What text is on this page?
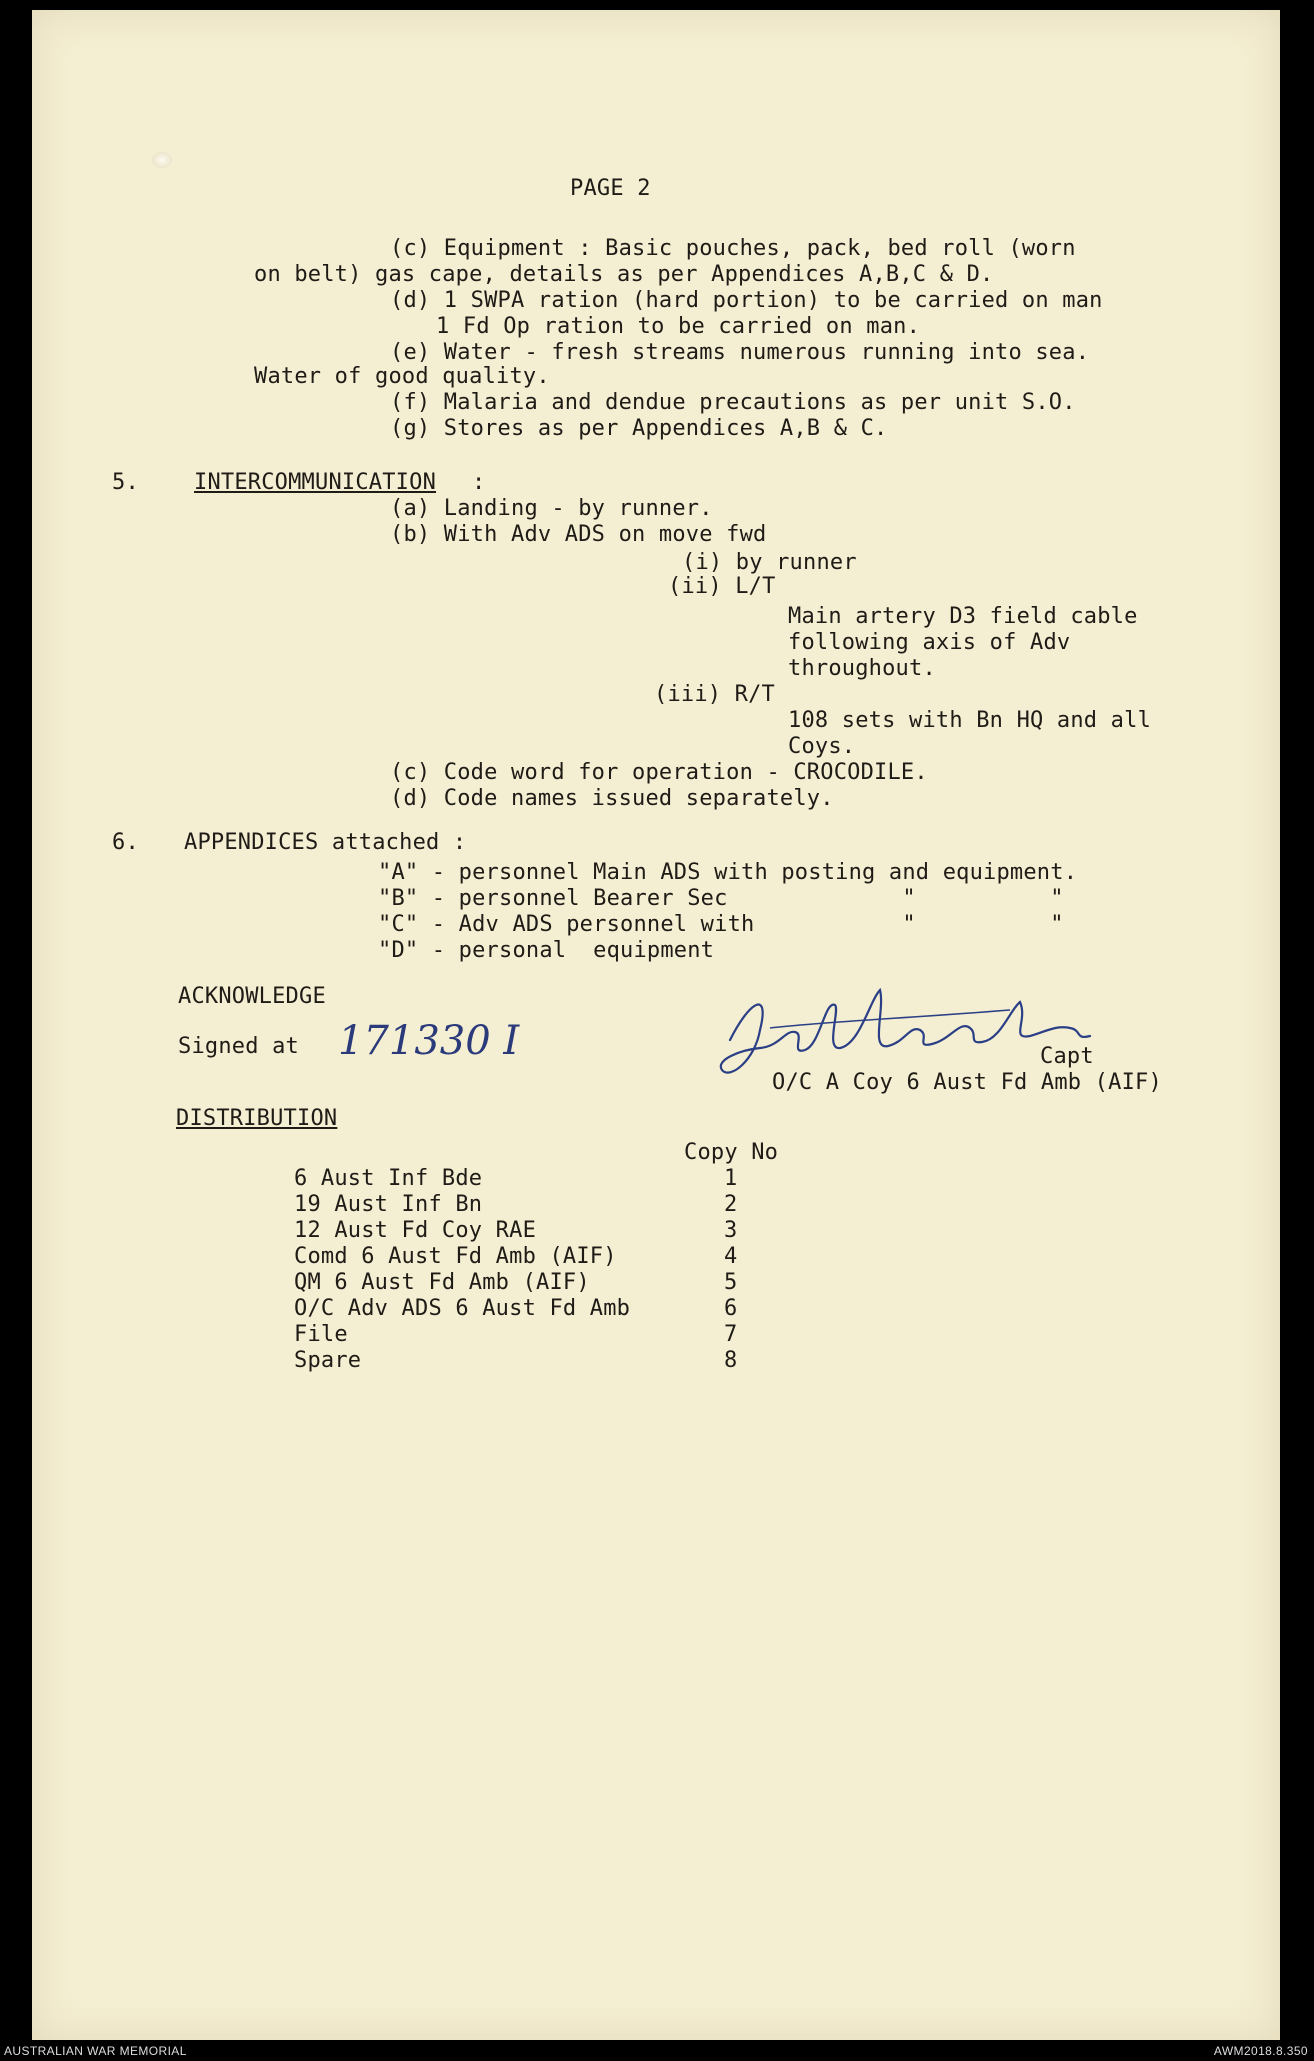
PAGE 2
(c) Equipment : Basic pouches, pack, bed roll (worn
on belt) gas cape, details as per Appendices A,B,C & D.
(d) 1 SWPA ration (hard portion) to be carried on man
1 Fd Op ration to be carried on man.
(e) Water - fresh streams numerous running into sea.
Water of good quality.
(f) Malaria and dendue precautions as per unit S.O.
(g) Stores as per Appendices A,B & C.
5.	INTERCOMMUNICATION :
(a) Landing - by runner.
(b) With Adv ADS on move fwd
(i) by runner
(ii) L/T
Main artery D3 field cable
following axis of Adv
throughout.
(iii) R/T
108 sets with Bn HQ and all
Coys.
(c) Code word for operation - CROCODILE.
(d) Code names issued separately.
6. APPENDICES attached :
"A" - personnel Main ADS with posting and equipment.
"B" - personnel Bearer Sec             "          "
"C" - Adv ADS personnel with           "          "
"D" - personal  equipment
ACKNOWLEDGE
Signed at 171330 I	Capt
O/C A Coy 6 Aust Fd Amb (AIF)
DISTRIBUTION
Copy No
6 Aust Inf Bde	1
19 Aust Inf Bn	2
12 Aust Fd Coy RAE	3
Comd 6 Aust Fd Amb (AIF)	4
QM 6 Aust Fd Amb (AIF)	5
O/C Adv ADS 6 Aust Fd Amb	6
File	7
Spare	8
AUSTRALIAN WAR MEMORIAL	AWM2018.8.350
